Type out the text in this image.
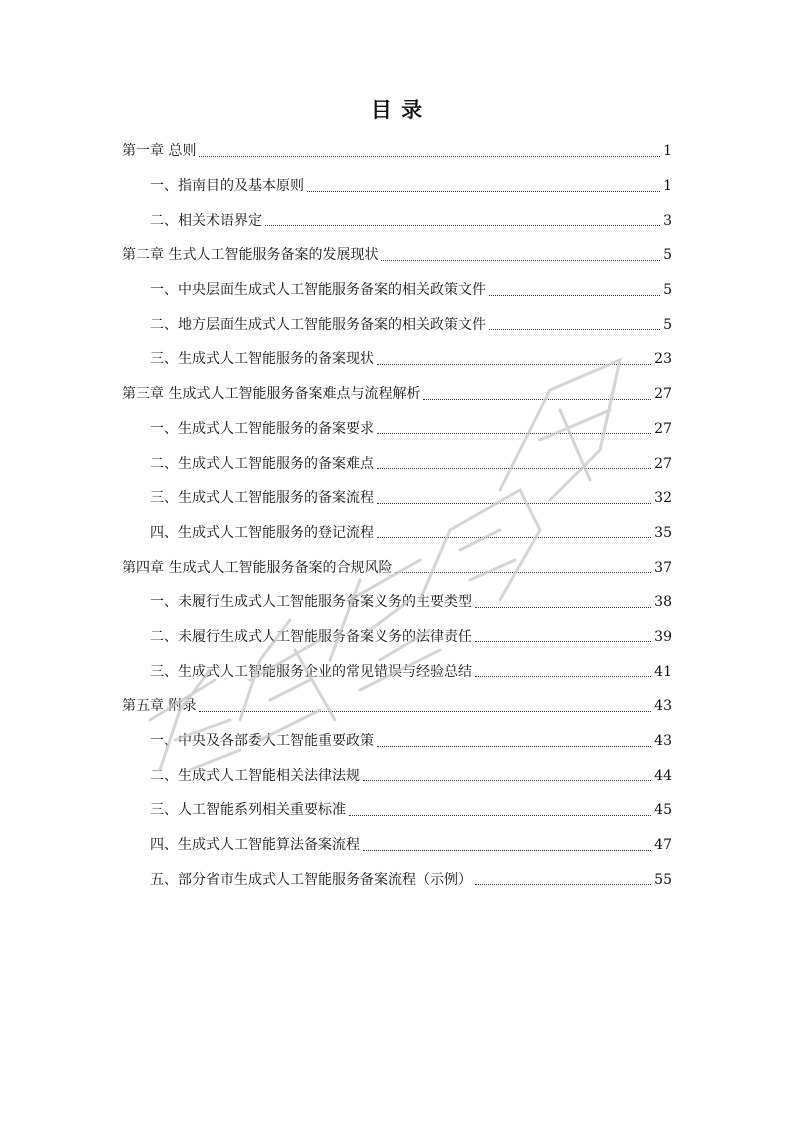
目 录
第一章 总则	1
一、指南目的及基本原则	1
二、相关术语界定	3
第二章 生式人工智能服务备案的发展现状	5
一、中央层面生成式人工智能服务备案的相关政策文件	5
二、地方层面生成式人工智能服务备案的相关政策文件	5
三、生成式人工智能服务的备案现状	23
第三章 生成式人工智能服务备案难点与流程解析	27
一、生成式人工智能服务的备案要求	27
二、生成式人工智能服务的备案难点	27
三、生成式人工智能服务的备案流程	32
四、生成式人工智能服务的登记流程	35
第四章 生成式人工智能服务备案的合规风险	37
一、未履行生成式人工智能服务备案义务的主要类型	38
二、未履行生成式人工智能服务备案义务的法律责任	39
三、生成式人工智能服务企业的常见错误与经验总结	41
第五章 附录	43
一、中央及各部委人工智能重要政策	43
二、生成式人工智能相关法律法规	44
三、人工智能系列相关重要标准	45
四、生成式人工智能算法备案流程	47
五、部分省市生成式人工智能服务备案流程（示例）	55
